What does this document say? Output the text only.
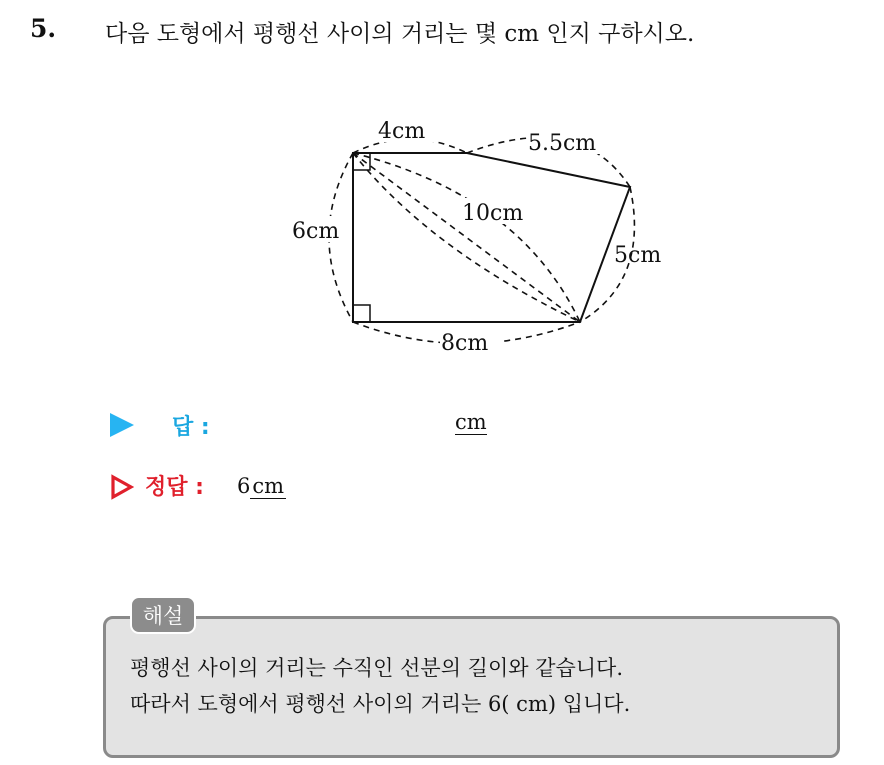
5. 다음 도형에서 평행선 사이의 거리는 몇 cm 인지 구하시오.
4cm	5.5cm
10cm
6cm
5cm
8cm
답 :	cm
정답 : 6cm
해설
평행선 사이의 거리는 수직인 선분의 길이와 같습니다.
따라서 도형에서 평행선 사이의 거리는 6( cm) 입니다.
